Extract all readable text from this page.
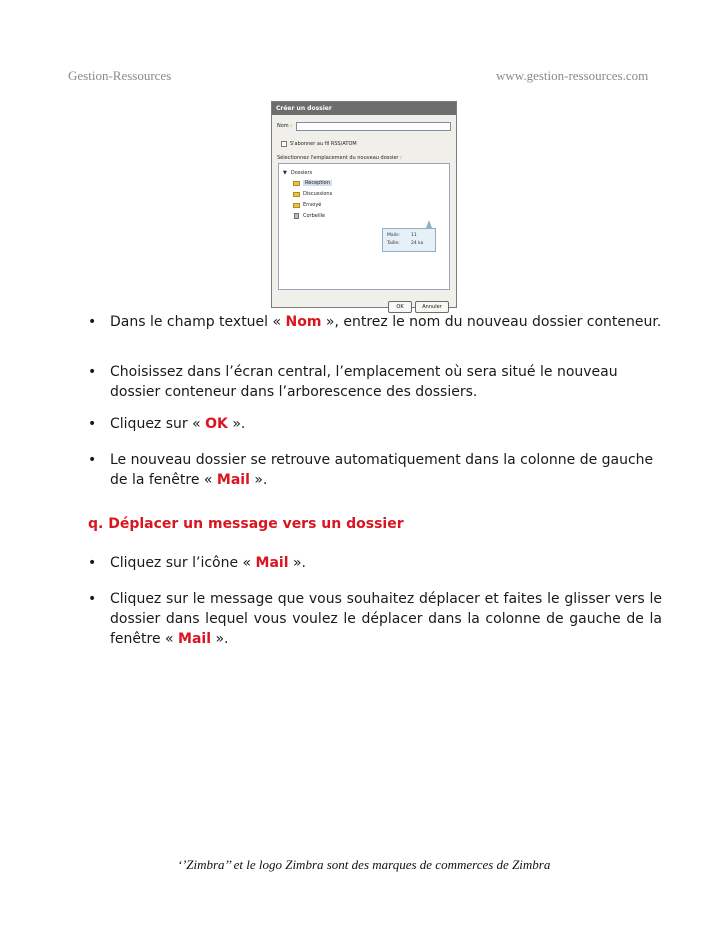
Gestion-Ressources	www.gestion-ressources.com
Créer un dossier
Nom :
S'abonner au fil RSS/ATOM
Sélectionnez l'emplacement du nouveau dossier :
▼ Dossiers
Réception
Discussions
Envoyé
Corbeille
Mails: 11
Taille: 24 ko
OK	Annuler
• Dans le champ textuel « Nom », entrez le nom du nouveau dossier conteneur.

• Choisissez dans l’écran central, l’emplacement où sera situé le nouveau dossier conteneur dans l’arborescence des dossiers.

• Cliquez sur « OK ».

• Le nouveau dossier se retrouve automatiquement dans la colonne de gauche de la fenêtre « Mail ».

q. Déplacer un message vers un dossier
• Cliquez sur l’icône « Mail ».

• Cliquez sur le message que vous souhaitez déplacer et faites le glisser vers le dossier dans lequel vous voulez le déplacer dans la colonne de gauche de la fenêtre « Mail ».

‘’Zimbra’’ et le logo Zimbra sont des marques de commerces de Zimbra
